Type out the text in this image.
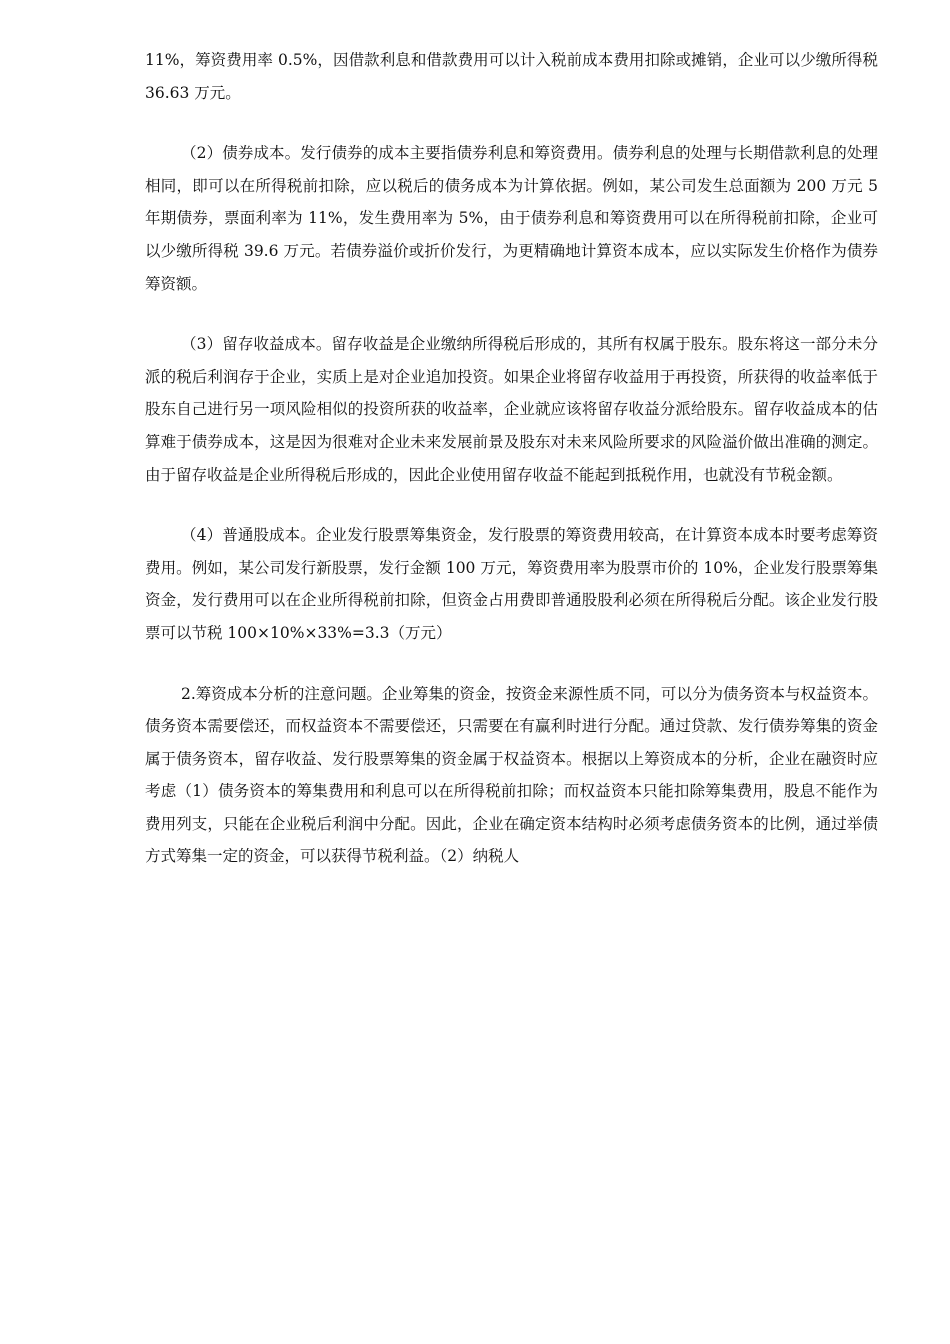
11%，筹资费用率 0.5%，因借款利息和借款费用可以计入税前成本费用扣除或摊销，企业可以少缴所得税 36.63 万元。

（2）债券成本。发行债券的成本主要指债券利息和筹资费用。债券利息的处理与长期借款利息的处理相同，即可以在所得税前扣除，应以税后的债务成本为计算依据。例如，某公司发生总面额为 200 万元 5 年期债券，票面利率为 11%，发生费用率为 5%，由于债券利息和筹资费用可以在所得税前扣除，企业可以少缴所得税 39.6 万元。若债券溢价或折价发行，为更精确地计算资本成本，应以实际发生价格作为债券筹资额。

（3）留存收益成本。留存收益是企业缴纳所得税后形成的，其所有权属于股东。股东将这一部分未分派的税后利润存于企业，实质上是对企业追加投资。如果企业将留存收益用于再投资，所获得的收益率低于股东自己进行另一项风险相似的投资所获的收益率，企业就应该将留存收益分派给股东。留存收益成本的估算难于债券成本，这是因为很难对企业未来发展前景及股东对未来风险所要求的风险溢价做出准确的测定。由于留存收益是企业所得税后形成的，因此企业使用留存收益不能起到抵税作用，也就没有节税金额。

（4）普通股成本。企业发行股票筹集资金，发行股票的筹资费用较高，在计算资本成本时要考虑筹资费用。例如，某公司发行新股票，发行金额 100 万元，筹资费用率为股票市价的 10%，企业发行股票筹集资金，发行费用可以在企业所得税前扣除，但资金占用费即普通股股利必须在所得税后分配。该企业发行股票可以节税 100×10%×33%=3.3（万元）

2.筹资成本分析的注意问题。企业筹集的资金，按资金来源性质不同，可以分为债务资本与权益资本。债务资本需要偿还，而权益资本不需要偿还，只需要在有赢利时进行分配。通过贷款、发行债券筹集的资金属于债务资本，留存收益、发行股票筹集的资金属于权益资本。根据以上筹资成本的分析，企业在融资时应考虑（1）债务资本的筹集费用和利息可以在所得税前扣除；而权益资本只能扣除筹集费用，股息不能作为费用列支，只能在企业税后利润中分配。因此，企业在确定资本结构时必须考虑债务资本的比例，通过举债方式筹集一定的资金，可以获得节税利益。（2）纳税人
